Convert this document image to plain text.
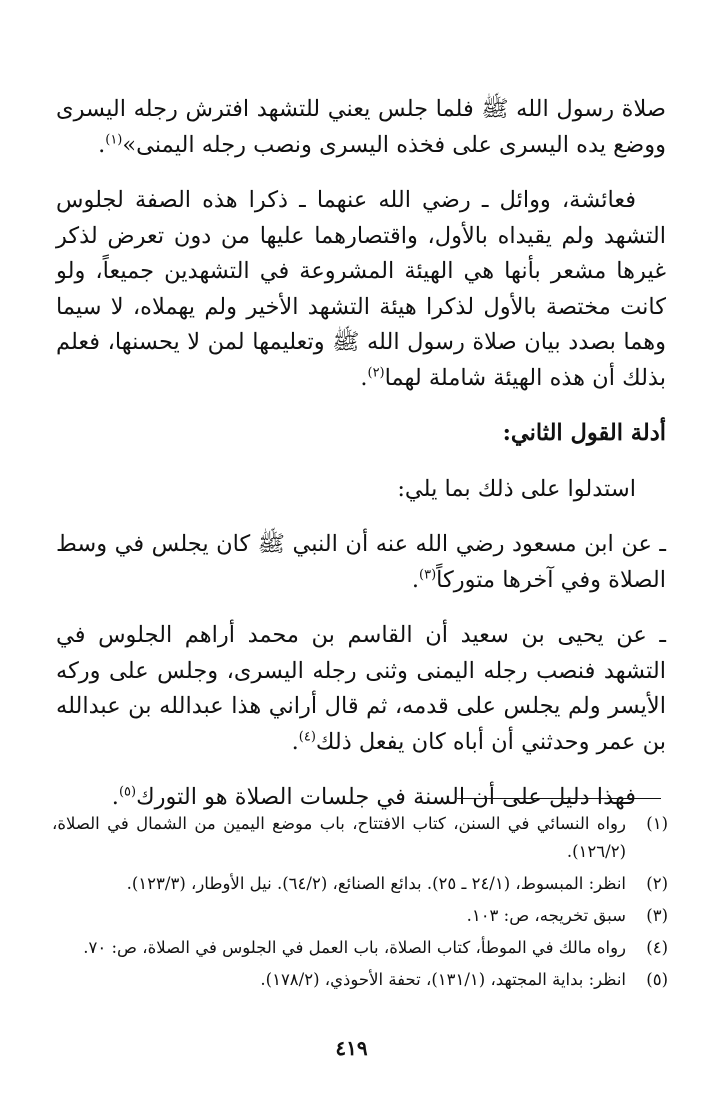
صلاة رسول الله ﷺ فلما جلس يعني للتشهد افترش رجله اليسرى ووضع يده اليسرى على فخذه اليسرى ونصب رجله اليمنى»$^{(١)}$.

فعائشة، ووائل ـ رضي الله عنهما ـ ذكرا هذه الصفة لجلوس التشهد ولم يقيداه بالأول، واقتصارهما عليها من دون تعرض لذكر غيرها مشعر بأنها هي الهيئة المشروعة في التشهدين جميعاً، ولو كانت مختصة بالأول لذكرا هيئة التشهد الأخير ولم يهملاه، لا سيما وهما بصدد بيان صلاة رسول الله ﷺ وتعليمها لمن لا يحسنها، فعلم بذلك أن هذه الهيئة شاملة لهما$^{(٢)}$.

أدلة القول الثاني:

استدلوا على ذلك بما يلي:

ـ عن ابن مسعود رضي الله عنه أن النبي ﷺ كان يجلس في وسط الصلاة وفي آخرها متوركاً$^{(٣)}$.

ـ عن يحيى بن سعيد أن القاسم بن محمد أراهم الجلوس في التشهد فنصب رجله اليمنى وثنى رجله اليسرى، وجلس على وركه الأيسر ولم يجلس على قدمه، ثم قال أراني هذا عبدالله بن عبدالله بن عمر وحدثني أن أباه كان يفعل ذلك$^{(٤)}$.

فهذا دليل على أن السنة في جلسات الصلاة هو التورك$^{(٥)}$.

(١)
رواه النسائي في السنن، كتاب الافتتاح، باب موضع اليمين من الشمال في الصلاة، (١٢٦/٢).
(٢)
انظر: المبسوط، (٢٤/١ ـ ٢٥). بدائع الصنائع، (٦٤/٢). نيل الأوطار، (١٢٣/٣).
(٣)
سبق تخريجه، ص: ١٠٣.
(٤)
رواه مالك في الموطأ، كتاب الصلاة، باب العمل في الجلوس في الصلاة، ص: ٧٠.
(٥)
انظر: بداية المجتهد، (١٣١/١)، تحفة الأحوذي، (١٧٨/٢).
٤١٩
